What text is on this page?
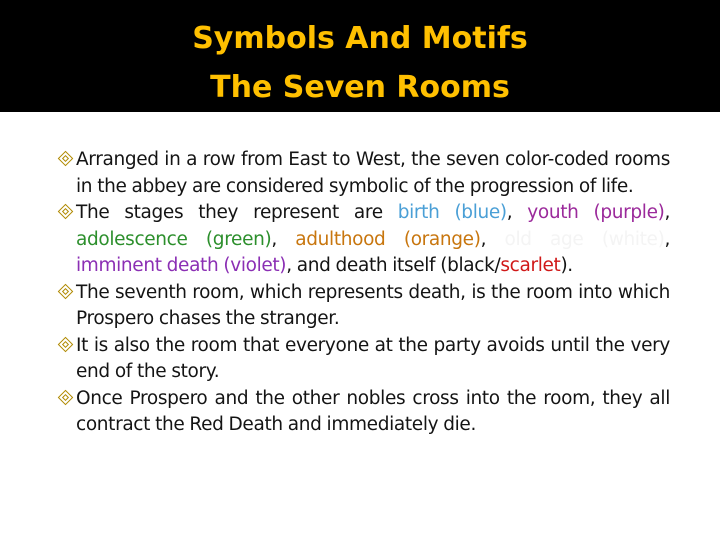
Symbols And Motifs
The Seven Rooms
Arranged in a row from East to West, the seven color-coded rooms in the abbey are considered symbolic of the progression of life.
The stages they represent are birth (blue), youth (purple), adolescence (green), adulthood (orange), old age (white), imminent death (violet), and death itself (black/scarlet).
The seventh room, which represents death, is the room into which Prospero chases the stranger.
It is also the room that everyone at the party avoids until the very end of the story.
Once Prospero and the other nobles cross into the room, they all contract the Red Death and immediately die.
